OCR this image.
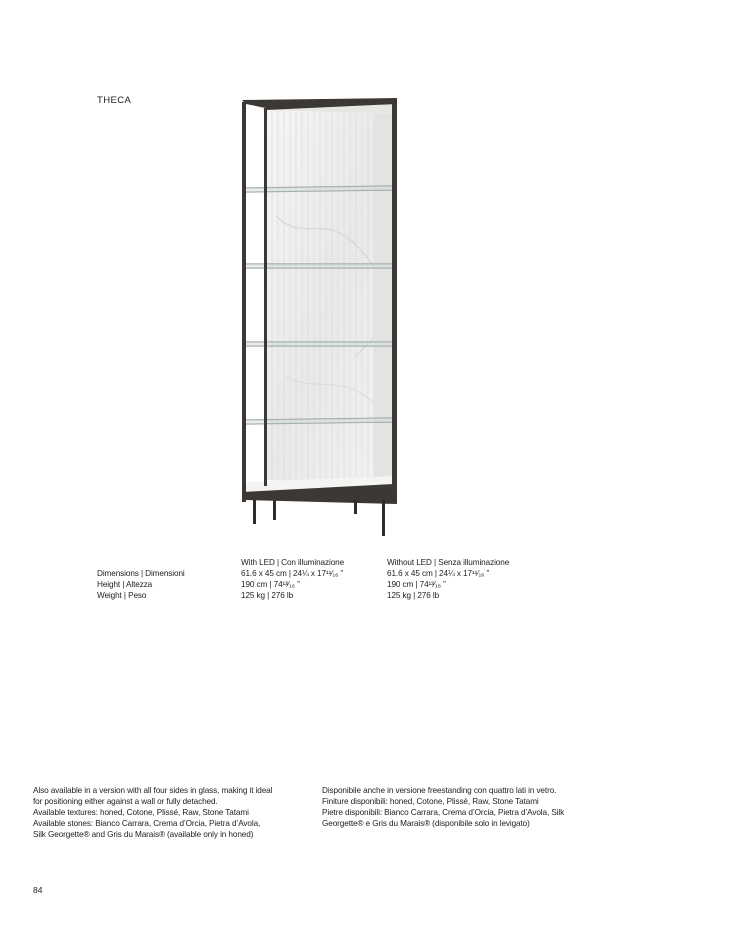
THECA
Dimensions | Dimensioni
Height | Altezza
Weight | Peso
With LED | Con illuminazione
61.6 x 45 cm | 24¼ x 17¹¹⁄₁₆ ”
190 cm | 74¹³⁄₁₆ ”
125 kg | 276 lb
Without LED | Senza illuminazione
61.6 x 45 cm | 24¼ x 17¹¹⁄₁₆ ”
190 cm | 74¹³⁄₁₆ ”
125 kg | 276 lb
Also available in a version with all four sides in glass, making it ideal
for positioning either against a wall or fully detached.
Available textures: honed, Cotone, Plissé, Raw, Stone Tatami
Available stones: Bianco Carrara, Crema d’Orcia, Pietra d’Avola,
Silk Georgette® and Gris du Marais® (available only in honed)
Disponibile anche in versione freestanding con quattro lati in vetro.
Finiture disponibili: honed, Cotone, Plissé, Raw, Stone Tatami
Pietre disponibili: Bianco Carrara, Crema d’Orcia, Pietra d’Avola, Silk
Georgette® e Gris du Marais® (disponibile solo in levigato)
84
